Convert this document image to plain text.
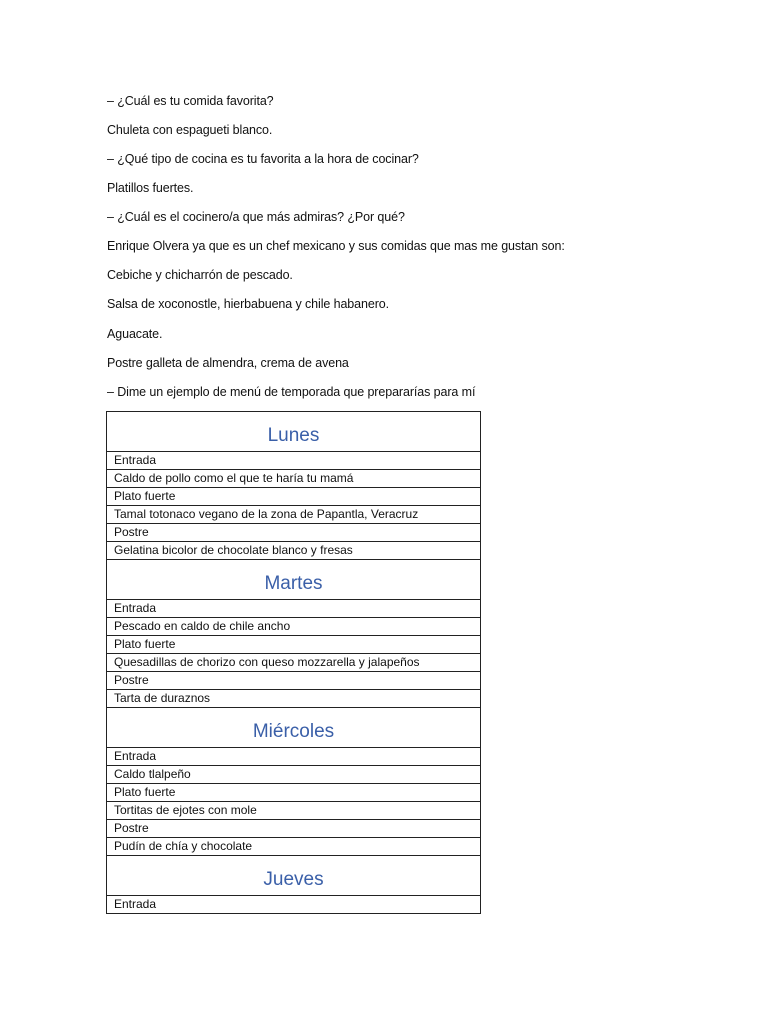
– ¿Cuál es tu comida favorita?

Chuleta con espagueti blanco.

– ¿Qué tipo de cocina es tu favorita a la hora de cocinar?

Platillos fuertes.

– ¿Cuál es el cocinero/a que más admiras? ¿Por qué?

Enrique Olvera ya que es un chef mexicano y sus comidas que mas me gustan son:

Cebiche y chicharrón de pescado.

Salsa de xoconostle, hierbabuena y chile habanero.

Aguacate.

Postre galleta de almendra, crema de avena

– Dime un ejemplo de menú de temporada que prepararías para mí

Lunes
Entrada
Caldo de pollo como el que te haría tu mamá
Plato fuerte
Tamal totonaco vegano de la zona de Papantla, Veracruz
Postre
Gelatina bicolor de chocolate blanco y fresas
Martes
Entrada
Pescado en caldo de chile ancho
Plato fuerte
Quesadillas de chorizo con queso mozzarella y jalapeños
Postre
Tarta de duraznos
Miércoles
Entrada
Caldo tlalpeño
Plato fuerte
Tortitas de ejotes con mole
Postre
Pudín de chía y chocolate
Jueves
Entrada
